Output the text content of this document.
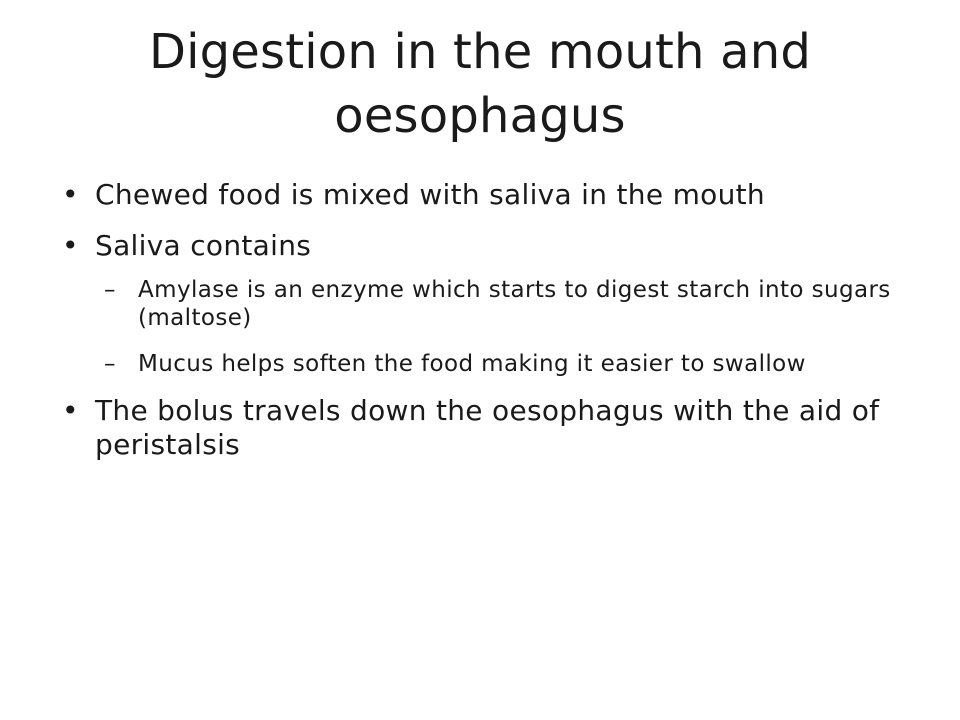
Digestion in the mouth and oesophagus
• Chewed food is mixed with saliva in the mouth
• Saliva contains
– Amylase is an enzyme which starts to digest starch into sugars (maltose)
– Mucus helps soften the food making it easier to swallow
• The bolus travels down the oesophagus with the aid of peristalsis
